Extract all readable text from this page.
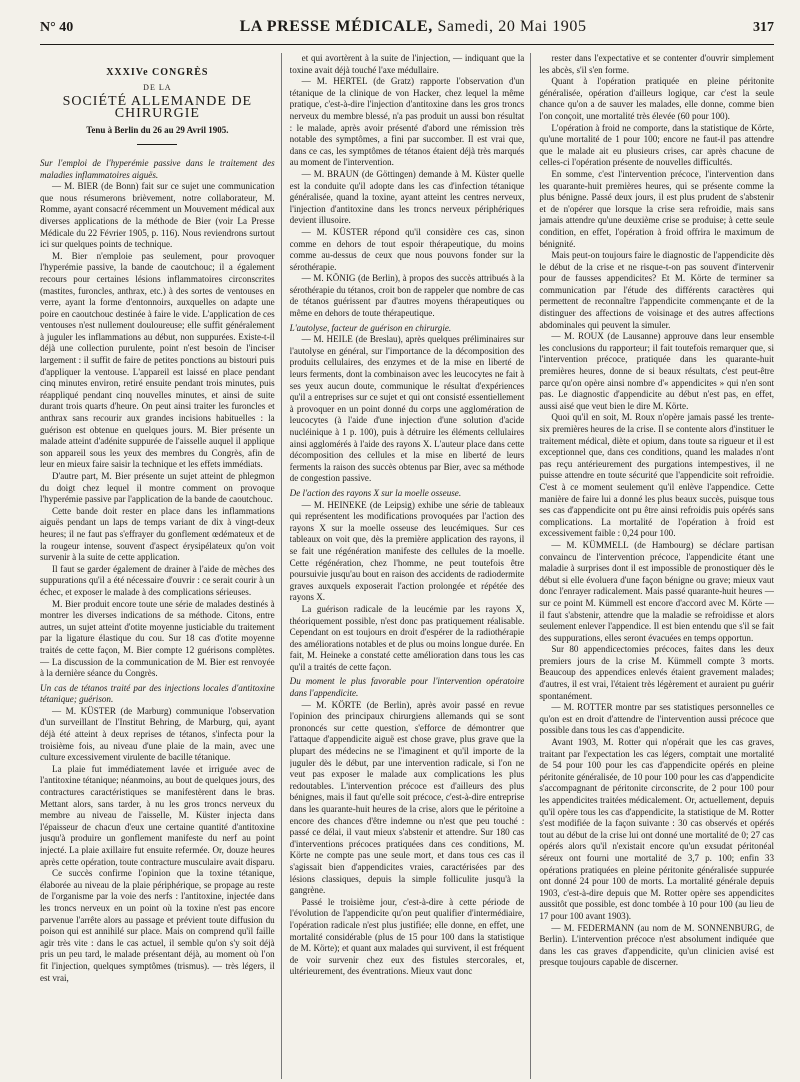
N° 40	LA PRESSE MÉDICALE, Samedi, 20 Mai 1905	317
XXXIVe CONGRÈS
DE LA
SOCIÉTÉ ALLEMANDE DE CHIRURGIE
Tenu à Berlin du 26 au 29 Avril 1905.

Sur l'emploi de l'hyperémie passive dans le traitement des maladies inflammatoires aiguës.

— M. BIER (de Bonn) fait sur ce sujet une communication que nous résumerons brièvement, notre collaborateur, M. Romme, ayant consacré récemment un Mouvement médical aux diverses applications de la méthode de Bier (voir La Presse Médicale du 22 Février 1905, p. 116). Nous reviendrons surtout ici sur quelques points de technique.

M. Bier n'emploie pas seulement, pour provoquer l'hyperémie passive, la bande de caoutchouc; il a également recours pour certaines lésions inflammatoires circonscrites (mastites, furoncles, anthrax, etc.) à des sortes de ventouses en verre, ayant la forme d'entonnoirs, auxquelles on adapte une poire en caoutchouc destinée à faire le vide. L'application de ces ventouses n'est nullement douloureuse; elle suffit généralement à juguler les inflammations au début, non suppurées. Existe-t-il déjà une collection purulente, point n'est besoin de l'inciser largement : il suffit de faire de petites ponctions au bistouri puis d'appliquer la ventouse. L'appareil est laissé en place pendant cinq minutes environ, retiré ensuite pendant trois minutes, puis réappliqué pendant cinq nouvelles minutes, et ainsi de suite durant trois quarts d'heure. On peut ainsi traiter les furoncles et anthrax sans recourir aux grandes incisions habituelles : la guérison est obtenue en quelques jours. M. Bier présente un malade atteint d'adénite suppurée de l'aisselle auquel il applique son appareil sous les yeux des membres du Congrès, afin de leur en mieux faire saisir la technique et les effets immédiats.

D'autre part, M. Bier présente un sujet atteint de phlegmon du doigt chez lequel il montre comment on provoque l'hyperémie passive par l'application de la bande de caoutchouc.

Cette bande doit rester en place dans les inflammations aiguës pendant un laps de temps variant de dix à vingt-deux heures; il ne faut pas s'effrayer du gonflement œdémateux et de la rougeur intense, souvent d'aspect érysipélateux qu'on voit survenir à la suite de cette application.

Il faut se garder également de drainer à l'aide de mèches des suppurations qu'il a été nécessaire d'ouvrir : ce serait courir à un échec, et exposer le malade à des complications sérieuses.

M. Bier produit encore toute une série de malades destinés à montrer les diverses indications de sa méthode. Citons, entre autres, un sujet atteint d'otite moyenne justiciable du traitement par la ligature élastique du cou. Sur 18 cas d'otite moyenne traités de cette façon, M. Bier compte 12 guérisons complètes. — La discussion de la communication de M. Bier est renvoyée à la dernière séance du Congrès.

Un cas de tétanos traité par des injections locales d'antitoxine tétanique; guérison.

— M. KÜSTER (de Marburg) communique l'observation d'un surveillant de l'Institut Behring, de Marburg, qui, ayant déjà été atteint à deux reprises de tétanos, s'infecta pour la troisième fois, au niveau d'une plaie de la main, avec une culture excessivement virulente de bacille tétanique.

La plaie fut immédiatement lavée et irriguée avec de l'antitoxine tétanique; néanmoins, au bout de quelques jours, des contractures caractéristiques se manifestèrent dans le bras. Mettant alors, sans tarder, à nu les gros troncs nerveux du membre au niveau de l'aisselle, M. Küster injecta dans l'épaisseur de chacun d'eux une certaine quantité d'antitoxine jusqu'à produire un gonflement manifeste du nerf au point injecté. La plaie axillaire fut ensuite refermée. Or, douze heures après cette opération, toute contracture musculaire avait disparu.

Ce succès confirme l'opinion que la toxine tétanique, élaborée au niveau de la plaie périphérique, se propage au reste de l'organisme par la voie des nerfs : l'antitoxine, injectée dans les troncs nerveux en un point où la toxine n'est pas encore parvenue l'arrête alors au passage et prévient toute diffusion du poison qui est annihilé sur place. Mais on comprend qu'il faille agir très vite : dans le cas actuel, il semble qu'on s'y soit déjà pris un peu tard, le malade présentant déjà, au moment où l'on fit l'injection, quelques symptômes (trismus). — très légers, il est vrai,

et qui avortèrent à la suite de l'injection, — indiquant que la toxine avait déjà touché l'axe médullaire.

— M. HERTEL (de Gratz) rapporte l'observation d'un tétanique de la clinique de von Hacker, chez lequel la même pratique, c'est-à-dire l'injection d'antitoxine dans les gros troncs nerveux du membre blessé, n'a pas produit un aussi bon résultat : le malade, après avoir présenté d'abord une rémission très notable des symptômes, a fini par succomber. Il est vrai que, dans ce cas, les symptômes de tétanos étaient déjà très marqués au moment de l'intervention.

— M. BRAUN (de Göttingen) demande à M. Küster quelle est la conduite qu'il adopte dans les cas d'infection tétanique généralisée, quand la toxine, ayant atteint les centres nerveux, l'injection d'antitoxine dans les troncs nerveux périphériques devient illusoire.

— M. KÜSTER répond qu'il considère ces cas, sinon comme en dehors de tout espoir thérapeutique, du moins comme au-dessus de ceux que nous pouvons fonder sur la sérothérapie.

— M. KÖNIG (de Berlin), à propos des succès attribués à la sérothérapie du tétanos, croit bon de rappeler que nombre de cas de tétanos guérissent par d'autres moyens thérapeutiques ou même en dehors de toute thérapeutique.

L'autolyse, facteur de guérison en chirurgie.

— M. HEILE (de Breslau), après quelques préliminaires sur l'autolyse en général, sur l'importance de la décomposition des produits cellulaires, des enzymes et de la mise en liberté de leurs ferments, dont la combinaison avec les leucocytes ne fait à ses yeux aucun doute, communique le résultat d'expériences qu'il a entreprises sur ce sujet et qui ont consisté essentiellement à provoquer en un point donné du corps une agglomération de leucocytes (à l'aide d'une injection d'une solution d'acide nucléinique à 1 p. 100), puis à détruire les éléments cellulaires ainsi agglomérés à l'aide des rayons X. L'auteur place dans cette décomposition des cellules et la mise en liberté de leurs ferments la raison des succès obtenus par Bier, avec sa méthode de congestion passive.

De l'action des rayons X sur la moelle osseuse.

— M. HEINEKE (de Leipsig) exhibe une série de tableaux qui représentent les modifications provoquées par l'action des rayons X sur la moelle osseuse des leucémiques. Sur ces tableaux on voit que, dès la première application des rayons, il se fait une régénération manifeste des cellules de la moelle. Cette régénération, chez l'homme, ne peut toutefois être poursuivie jusqu'au bout en raison des accidents de radiodermite graves auxquels exposerait l'action prolongée et répétée des rayons X.

La guérison radicale de la leucémie par les rayons X, théoriquement possible, n'est donc pas pratiquement réalisable. Cependant on est toujours en droit d'espérer de la radiothérapie des améliorations notables et de plus ou moins longue durée. En fait, M. Heineke a constaté cette amélioration dans tous les cas qu'il a traités de cette façon.

Du moment le plus favorable pour l'intervention opératoire dans l'appendicite.

— M. KÖRTE (de Berlin), après avoir passé en revue l'opinion des principaux chirurgiens allemands qui se sont prononcés sur cette question, s'efforce de démontrer que l'attaque d'appendicite aiguë est chose grave, plus grave que la plupart des médecins ne se l'imaginent et qu'il importe de la juguler dès le début, par une intervention radicale, si l'on ne veut pas exposer le malade aux complications les plus redoutables. L'intervention précoce est d'ailleurs des plus bénignes, mais il faut qu'elle soit précoce, c'est-à-dire entreprise dans les quarante-huit heures de la crise, alors que le péritoine a encore des chances d'être indemne ou n'est que peu touché : passé ce délai, il vaut mieux s'abstenir et attendre. Sur 180 cas d'interventions précoces pratiquées dans ces conditions, M. Körte ne compte pas une seule mort, et dans tous ces cas il s'agissait bien d'appendicites vraies, caractérisées par des lésions classiques, depuis la simple folliculite jusqu'à la gangrène.

Passé le troisième jour, c'est-à-dire à cette période de l'évolution de l'appendicite qu'on peut qualifier d'intermédiaire, l'opération radicale n'est plus justifiée; elle donne, en effet, une mortalité considérable (plus de 15 pour 100 dans la statistique de M. Körte); et quant aux malades qui survivent, il est fréquent de voir survenir chez eux des fistules stercorales, et, ultérieurement, des éventrations. Mieux vaut donc

rester dans l'expectative et se contenter d'ouvrir simplement les abcès, s'il s'en forme.

Quant à l'opération pratiquée en pleine péritonite généralisée, opération d'ailleurs logique, car c'est la seule chance qu'on a de sauver les malades, elle donne, comme bien l'on conçoit, une mortalité très élevée (60 pour 100).

L'opération à froid ne comporte, dans la statistique de Körte, qu'une mortalité de 1 pour 100; encore ne faut-il pas attendre que le malade ait eu plusieurs crises, car après chacune de celles-ci l'opération présente de nouvelles difficultés.

En somme, c'est l'intervention précoce, l'intervention dans les quarante-huit premières heures, qui se présente comme la plus bénigne. Passé deux jours, il est plus prudent de s'abstenir et de n'opérer que lorsque la crise sera refroidie, mais sans jamais attendre qu'une deuxième crise se produise; à cette seule condition, en effet, l'opération à froid offrira le maximum de bénignité.

Mais peut-on toujours faire le diagnostic de l'appendicite dès le début de la crise et ne risque-t-on pas souvent d'intervenir pour de fausses appendicites? Et M. Körte de terminer sa communication par l'étude des différents caractères qui permettent de reconnaître l'appendicite commençante et de la distinguer des affections de voisinage et des autres affections abdominales qui peuvent la simuler.

— M. ROUX (de Lausanne) approuve dans leur ensemble les conclusions du rapporteur; il fait toutefois remarquer que, si l'intervention précoce, pratiquée dans les quarante-huit premières heures, donne de si beaux résultats, c'est peut-être parce qu'on opère ainsi nombre d'« appendicites » qui n'en sont pas. Le diagnostic d'appendicite au début n'est pas, en effet, aussi aisé que veut bien le dire M. Körte.

Quoi qu'il en soit, M. Roux n'opère jamais passé les trente-six premières heures de la crise. Il se contente alors d'instituer le traitement médical, diète et opium, dans toute sa rigueur et il est exceptionnel que, dans ces conditions, quand les malades n'ont pas reçu antérieurement des purgations intempestives, il ne puisse attendre en toute sécurité que l'appendicite soit refroidie. C'est à ce moment seulement qu'il enlève l'appendice. Cette manière de faire lui a donné les plus beaux succès, puisque tous ses cas d'appendicite ont pu être ainsi refroidis puis opérés sans complications. La mortalité de l'opération à froid est excessivement faible : 0,24 pour 100.

— M. KÜMMELL (de Hambourg) se déclare partisan convaincu de l'intervention précoce, l'appendicite étant une maladie à surprises dont il est impossible de pronostiquer dès le début si elle évoluera d'une façon bénigne ou grave; mieux vaut donc l'enrayer radicalement. Mais passé quarante-huit heures — sur ce point M. Kümmell est encore d'accord avec M. Körte — il faut s'abstenir, attendre que la maladie se refroidisse et alors seulement enlever l'appendice. Il est bien entendu que s'il se fait des suppurations, elles seront évacuées en temps opportun.

Sur 80 appendicectomies précoces, faites dans les deux premiers jours de la crise M. Kümmell compte 3 morts. Beaucoup des appendices enlevés étaient gravement malades; d'autres, il est vrai, l'étaient très légèrement et auraient pu guérir spontanément.

— M. ROTTER montre par ses statistiques personnelles ce qu'on est en droit d'attendre de l'intervention aussi précoce que possible dans tous les cas d'appendicite.

Avant 1903, M. Rotter qui n'opérait que les cas graves, traitant par l'expectation les cas légers, comptait une mortalité de 54 pour 100 pour les cas d'appendicite opérés en pleine péritonite généralisée, de 10 pour 100 pour les cas d'appendicite s'accompagnant de péritonite circonscrite, de 2 pour 100 pour les appendicites traitées médicalement. Or, actuellement, depuis qu'il opère tous les cas d'appendicite, la statistique de M. Rotter s'est modifiée de la façon suivante : 30 cas observés et opérés tout au début de la crise lui ont donné une mortalité de 0; 27 cas opérés alors qu'il n'existait encore qu'un exsudat péritonéal séreux ont fourni une mortalité de 3,7 p. 100; enfin 33 opérations pratiquées en pleine péritonite généralisée suppurée ont donné 24 pour 100 de morts. La mortalité générale depuis 1903, c'est-à-dire depuis que M. Rotter opère ses appendicites aussitôt que possible, est donc tombée à 10 pour 100 (au lieu de 17 pour 100 avant 1903).

— M. FEDERMANN (au nom de M. SONNENBURG, de Berlin). L'intervention précoce n'est absolument indiquée que dans les cas graves d'appendicite, qu'un clinicien avisé est presque toujours capable de discerner.
